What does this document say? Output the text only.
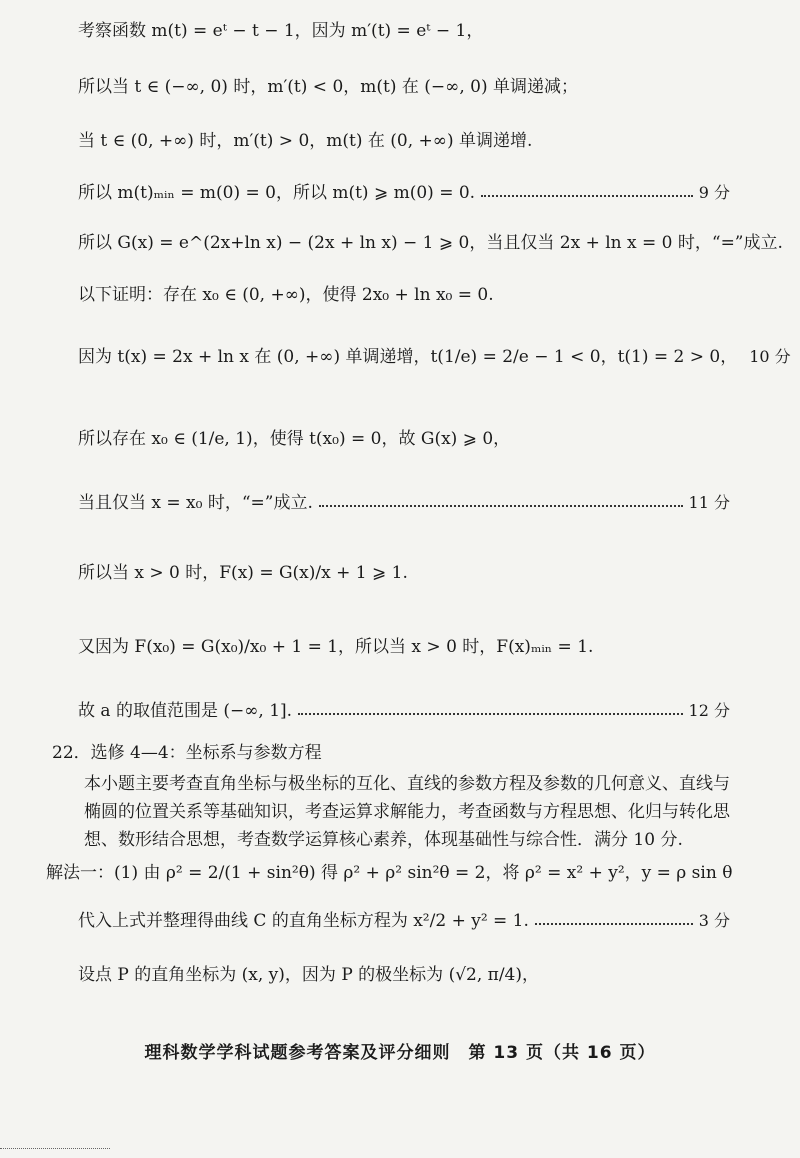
考察函数 m(t) = eᵗ − t − 1，因为 m′(t) = eᵗ − 1，
所以当 t ∈ (−∞, 0) 时，m′(t) < 0，m(t) 在 (−∞, 0) 单调递减；
当 t ∈ (0, +∞) 时，m′(t) > 0，m(t) 在 (0, +∞) 单调递增.
所以 m(t)ₘᵢₙ = m(0) = 0，所以 m(t) ⩾ m(0) = 0.	9 分
所以 G(x) = e^(2x+ln x) − (2x + ln x) − 1 ⩾ 0，当且仅当 2x + ln x = 0 时，“=”成立.
以下证明：存在 x₀ ∈ (0, +∞)，使得 2x₀ + ln x₀ = 0.
因为 t(x) = 2x + ln x 在 (0, +∞) 单调递增，t(1/e) = 2/e − 1 < 0，t(1) = 2 > 0， 10 分
所以存在 x₀ ∈ (1/e, 1)，使得 t(x₀) = 0，故 G(x) ⩾ 0，
当且仅当 x = x₀ 时，“=”成立.	11 分
所以当 x > 0 时，F(x) = G(x)/x + 1 ⩾ 1.
又因为 F(x₀) = G(x₀)/x₀ + 1 = 1，所以当 x > 0 时，F(x)ₘᵢₙ = 1.
故 a 的取值范围是 (−∞, 1].	12 分
22．选修 4—4：坐标系与参数方程

本小题主要考查直角坐标与极坐标的互化、直线的参数方程及参数的几何意义、直线与椭圆的位置关系等基础知识，考查运算求解能力，考查函数与方程思想、化归与转化思想、数形结合思想，考查数学运算核心素养，体现基础性与综合性．满分 10 分.

解法一：(1) 由 ρ² = 2/(1 + sin²θ) 得 ρ² + ρ² sin²θ = 2，将 ρ² = x² + y²，y = ρ sin θ
代入上式并整理得曲线 C 的直角坐标方程为 x²/2 + y² = 1.	3 分
设点 P 的直角坐标为 (x, y)，因为 P 的极坐标为 (√2, π/4)，
理科数学学科试题参考答案及评分细则　第 13 页（共 16 页）
